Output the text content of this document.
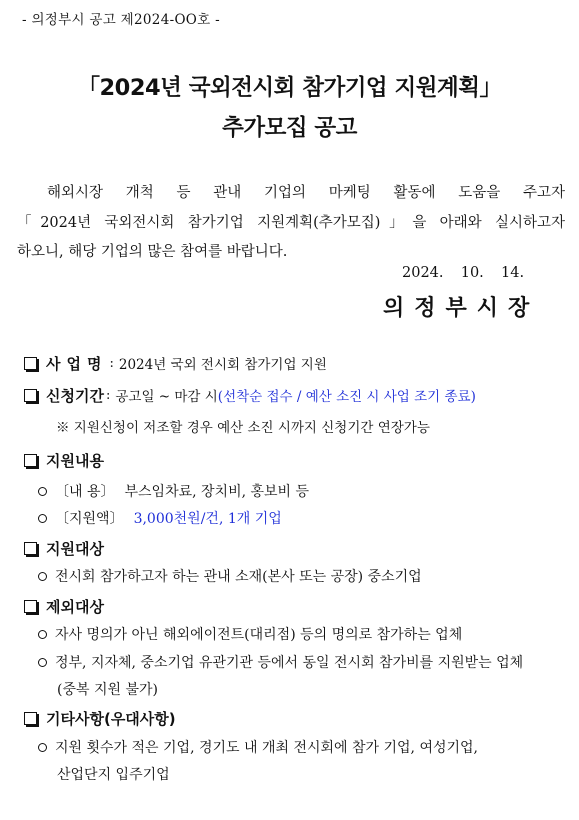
- 의정부시 공고 제2024-OO호 -
「2024년 국외전시회 참가기업 지원계획」
추가모집 공고
해외시장 개척 등 관내 기업의 마케팅 활동에 도움을 주고자
「2024년 국외전시회 참가기업 지원계획(추가모집)」을 아래와 실시하고자
하오니, 해당 기업의 많은 참여를 바랍니다.
2024.  10.  14.
의정부시장
사업명 : 2024년 국외 전시회 참가기업 지원
신청기간 : 공고일 ~ 마감 시 (선착순 접수 / 예산 소진 시 사업 조기 종료)
※ 지원신청이 저조할 경우 예산 소진 시까지 신청기간 연장가능
지원내용
〔내 용〕 부스임차료, 장치비, 홍보비 등
〔지원액〕 3,000천원/건, 1개 기업
지원대상
전시회 참가하고자 하는 관내 소재(본사 또는 공장) 중소기업
제외대상
자사 명의가 아닌 해외에이전트(대리점) 등의 명의로 참가하는 업체
정부, 지자체, 중소기업 유관기관 등에서 동일 전시회 참가비를 지원받는 업체
(중복 지원 불가)
기타사항(우대사항)
지원 횟수가 적은 기업, 경기도 내 개최 전시회에 참가 기업, 여성기업,
산업단지 입주기업
